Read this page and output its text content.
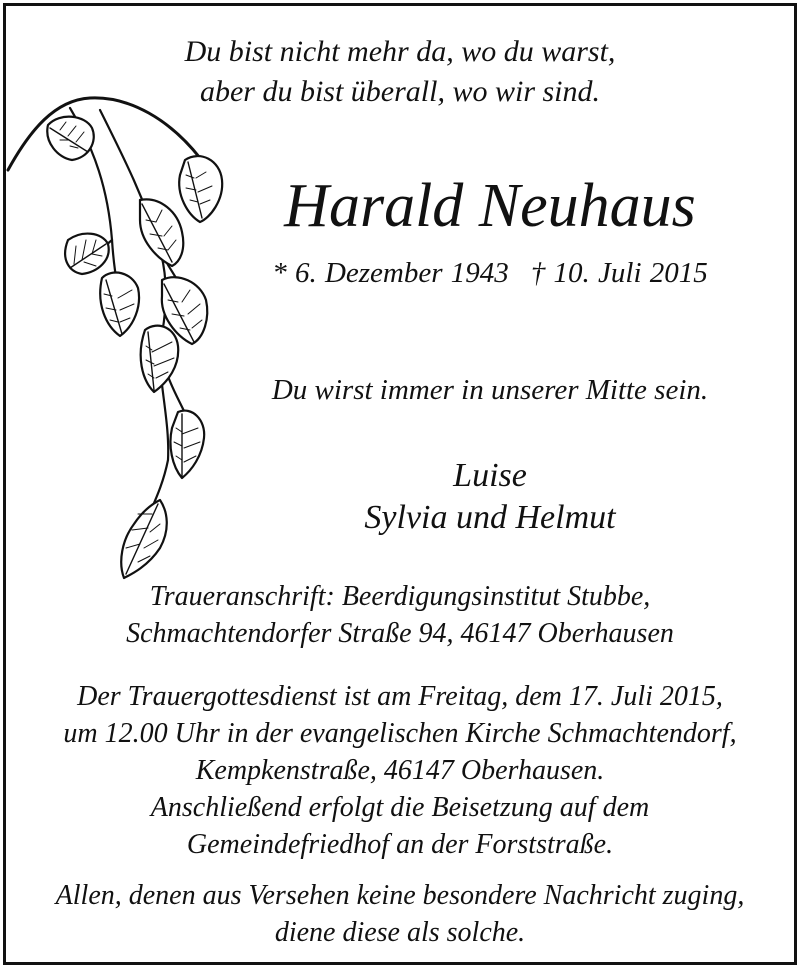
Du bist nicht mehr da, wo du warst,
aber du bist überall, wo wir sind.
Harald Neuhaus
* 6. Dezember 1943 † 10. Juli 2015
Du wirst immer in unserer Mitte sein.
Luise
Sylvia und Helmut
Traueranschrift: Beerdigungsinstitut Stubbe,
Schmachtendorfer Straße 94, 46147 Oberhausen
Der Trauergottesdienst ist am Freitag, dem 17. Juli 2015,
um 12.00 Uhr in der evangelischen Kirche Schmachtendorf,
Kempkenstraße, 46147 Oberhausen.
Anschließend erfolgt die Beisetzung auf dem
Gemeindefriedhof an der Forststraße.
Allen, denen aus Versehen keine besondere Nachricht zuging,
diene diese als solche.
